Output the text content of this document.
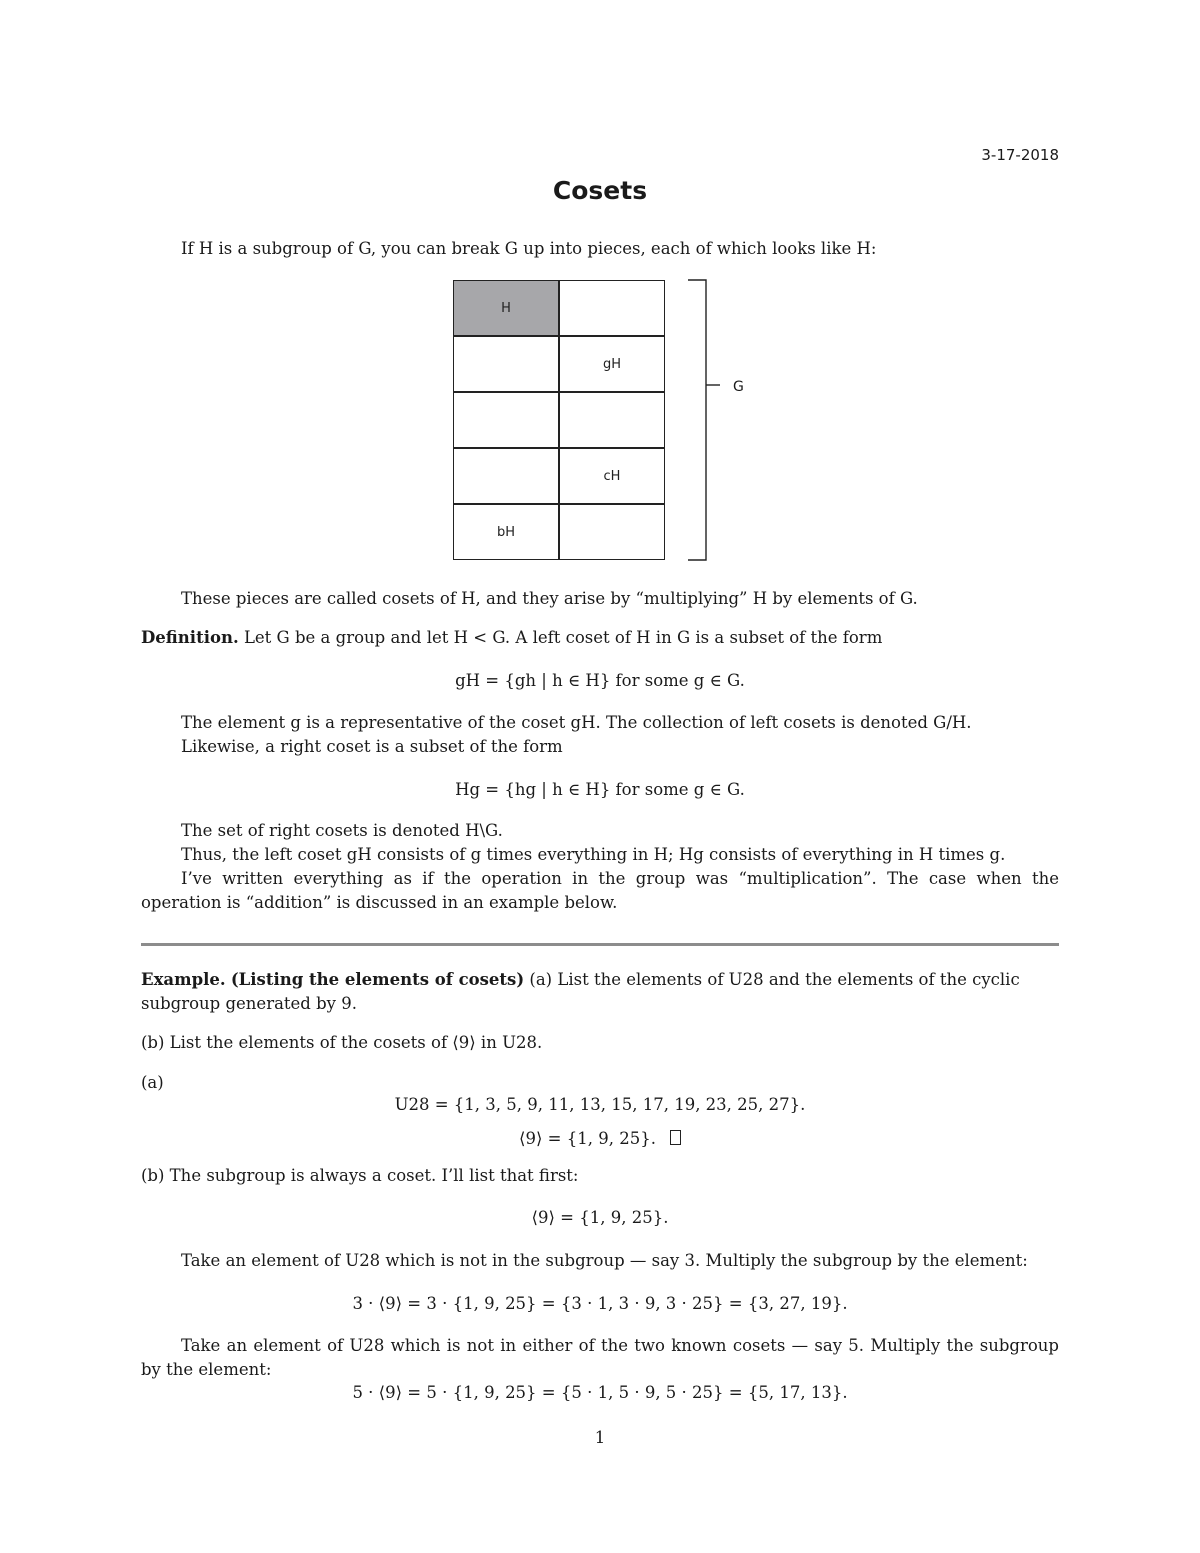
3-17-2018
Cosets
If H is a subgroup of G, you can break G up into pieces, each of which looks like H:
H
gH
cH
bH
G
These pieces are called cosets of H, and they arise by “multiplying” H by elements of G.
Definition. Let G be a group and let H < G. A left coset of H in G is a subset of the form
gH = {gh | h ∈ H} for some g ∈ G.
The element g is a representative of the coset gH. The collection of left cosets is denoted G/H.
Likewise, a right coset is a subset of the form
Hg = {hg | h ∈ H} for some g ∈ G.
The set of right cosets is denoted H\G.
Thus, the left coset gH consists of g times everything in H; Hg consists of everything in H times g.
I’ve written everything as if the operation in the group was “multiplication”. The case when the
operation is “addition” is discussed in an example below.
Example. (Listing the elements of cosets) (a) List the elements of U28 and the elements of the cyclic
subgroup generated by 9.
(b) List the elements of the cosets of ⟨9⟩ in U28.
(a)
U28 = {1, 3, 5, 9, 11, 13, 15, 17, 19, 23, 25, 27}.
⟨9⟩ = {1, 9, 25}.
(b) The subgroup is always a coset. I’ll list that first:
⟨9⟩ = {1, 9, 25}.
Take an element of U28 which is not in the subgroup — say 3. Multiply the subgroup by the element:
3 · ⟨9⟩ = 3 · {1, 9, 25} = {3 · 1, 3 · 9, 3 · 25} = {3, 27, 19}.
Take an element of U28 which is not in either of the two known cosets — say 5. Multiply the subgroup
by the element:
5 · ⟨9⟩ = 5 · {1, 9, 25} = {5 · 1, 5 · 9, 5 · 25} = {5, 17, 13}.
1
